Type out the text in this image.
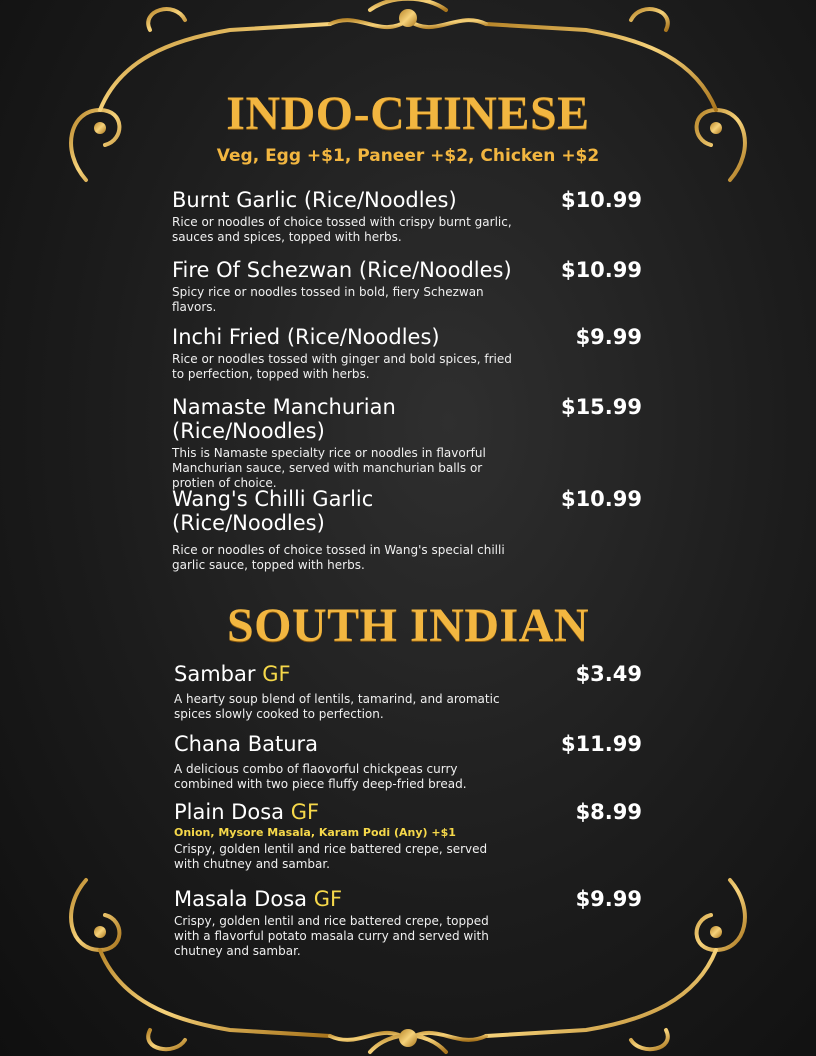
INDO-CHINESE
Veg, Egg +$1, Paneer +$2, Chicken +$2
Burnt Garlic (Rice/Noodles)
Rice or noodles of choice tossed with crispy burnt garlic, sauces and spices, topped with herbs.
$10.99
Fire Of Schezwan (Rice/Noodles)
Spicy rice or noodles tossed in bold, fiery Schezwan flavors.
$10.99
Inchi Fried (Rice/Noodles)
Rice or noodles tossed with ginger and bold spices, fried to perfection, topped with herbs.
$9.99
Namaste Manchurian (Rice/Noodles)
This is Namaste specialty rice or noodles in flavorful Manchurian sauce, served with manchurian balls or protien of choice.
$15.99
Wang's Chilli Garlic (Rice/Noodles)
Rice or noodles of choice tossed in Wang's special chilli garlic sauce, topped with herbs.
$10.99
SOUTH INDIAN
Sambar GF
A hearty soup blend of lentils, tamarind, and aromatic spices slowly cooked to perfection.
$3.49
Chana Batura
A delicious combo of flaovorful chickpeas curry combined with two piece fluffy deep-fried bread.
$11.99
Plain Dosa GF
Onion, Mysore Masala, Karam Podi (Any) +$1
Crispy, golden lentil and rice battered crepe, served with chutney and sambar.
$8.99
Masala Dosa GF
Crispy, golden lentil and rice battered crepe, topped with a flavorful potato masala curry and served with chutney and sambar.
$9.99
